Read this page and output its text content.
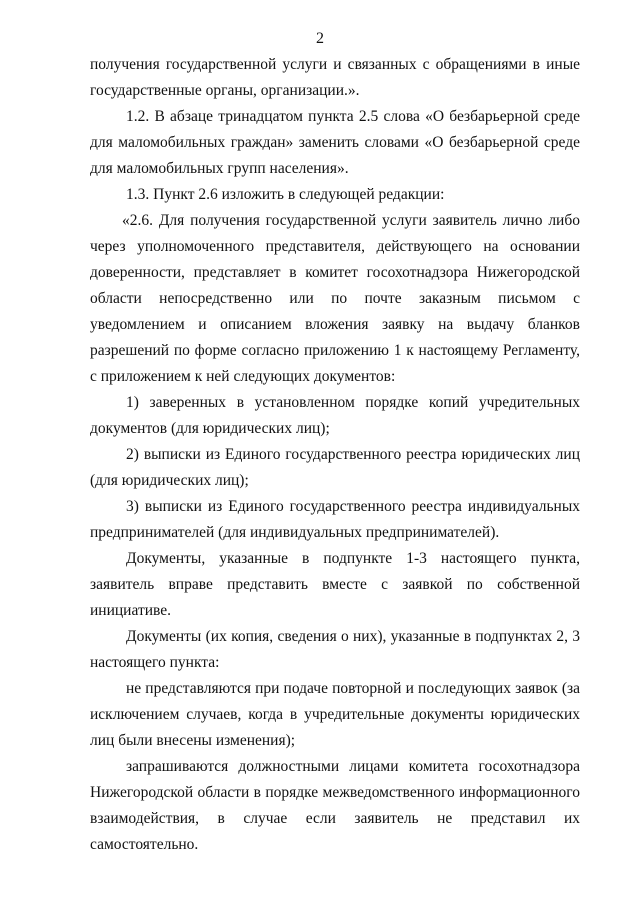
2

получения государственной услуги и связанных с обращениями в иные государственные органы, организации.».

1.2. В абзаце тринадцатом пункта 2.5 слова «О безбарьерной среде для маломобильных граждан» заменить словами «О безбарьерной среде для маломобильных групп населения».

1.3. Пункт 2.6 изложить в следующей редакции:

«2.6. Для получения государственной услуги заявитель лично либо через уполномоченного представителя, действующего на основании доверенности, представляет в комитет госохотнадзора Нижегородской области непосредственно или по почте заказным письмом с уведомлением и описанием вложения заявку на выдачу бланков разрешений по форме согласно приложению 1 к настоящему Регламенту, с приложением к ней следующих документов:

1) заверенных в установленном порядке копий учредительных документов (для юридических лиц);

2) выписки из Единого государственного реестра юридических лиц (для юридических лиц);

3) выписки из Единого государственного реестра индивидуальных предпринимателей (для индивидуальных предпринимателей).

Документы, указанные в подпункте 1-3 настоящего пункта, заявитель вправе представить вместе с заявкой по собственной инициативе.

Документы (их копия, сведения о них), указанные в подпунктах 2, 3 настоящего пункта:

не представляются при подаче повторной и последующих заявок (за исключением случаев, когда в учредительные документы юридических лиц были внесены изменения);

запрашиваются должностными лицами комитета госохотнадзора Нижегородской области в порядке межведомственного информационного взаимодействия, в случае если заявитель не представил их самостоятельно.
